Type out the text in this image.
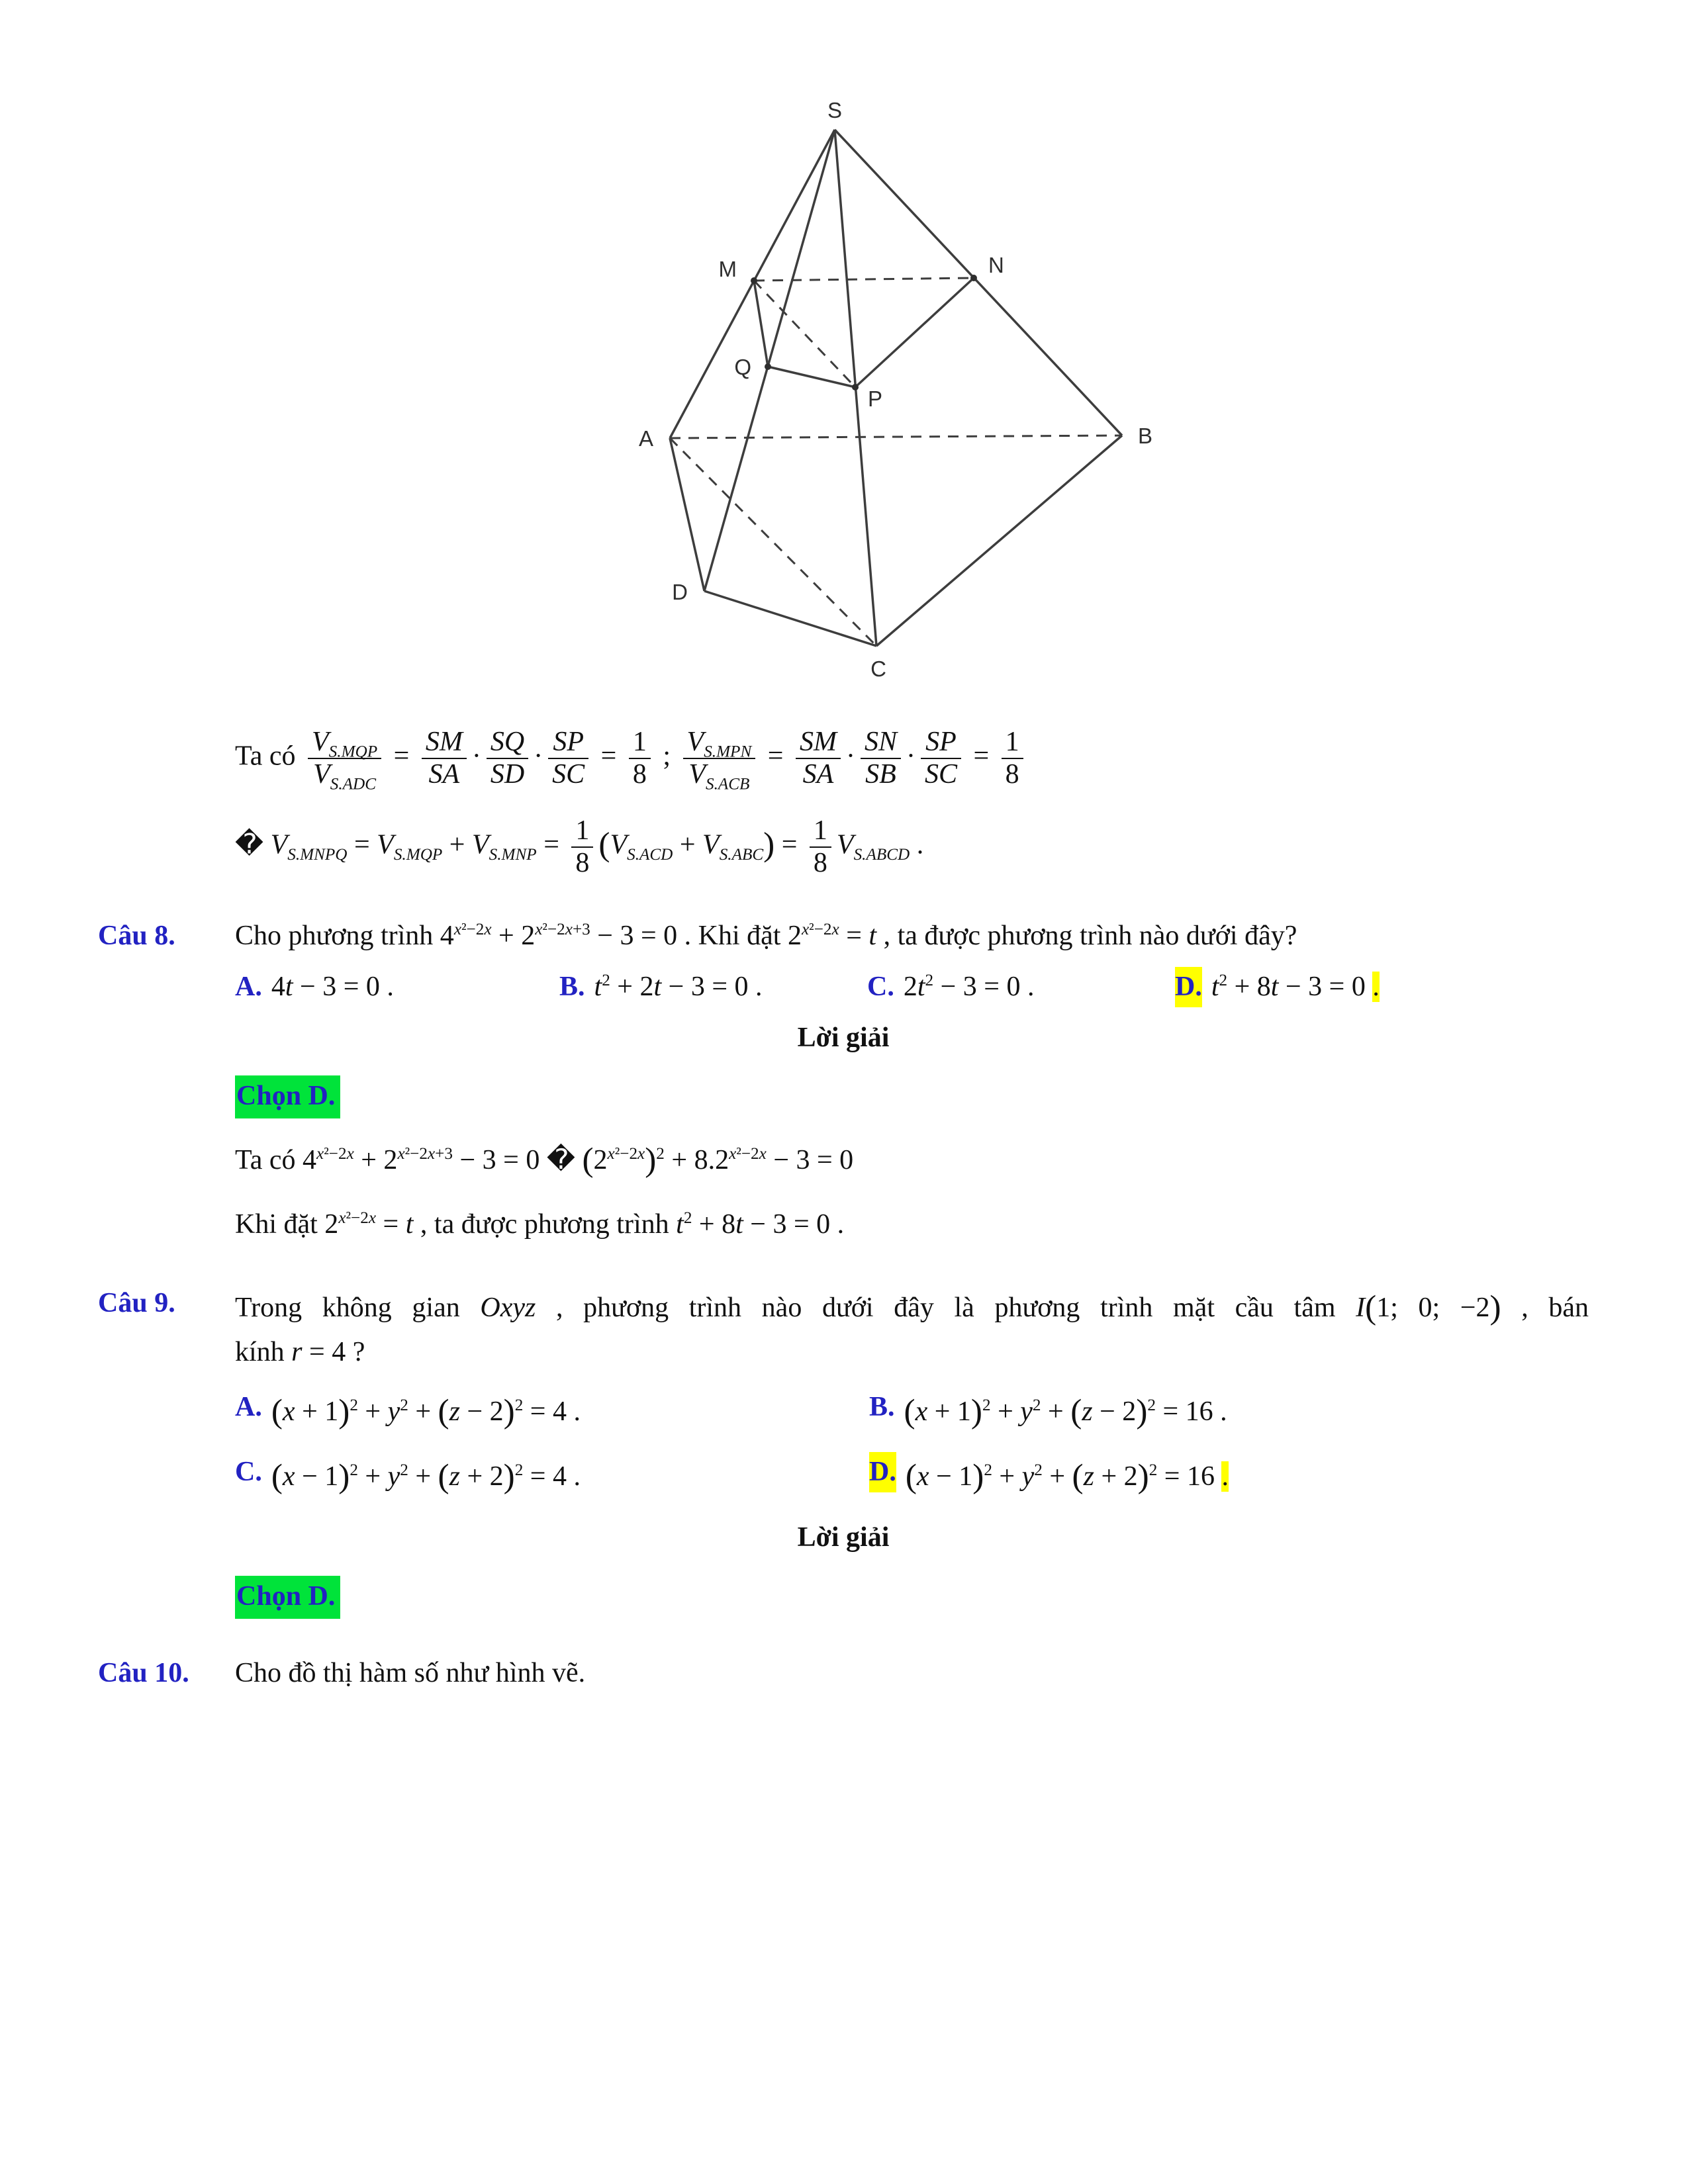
S
M	N
Q
P
A	B
D
C
Ta có $V_{S.MQP}$
$V_{S.ADC}$
= $\frac{SM}{SA} \cdot \frac{SQ}{SD} \cdot \frac{SP}{SC} = \frac{1}{8}$ ; $V_{S.MPN}$
$V_{S.ACB}$
= $\frac{SM}{SA} \cdot \frac{SN}{SB} \cdot \frac{SP}{SC} = \frac{1}{8}$
� $V_{S.MNPQ} = V_{S.MQP} + V_{S.MNP} = \frac{1}{8} (V_{S.ACD} + V_{S.ABC}) = \frac{1}{8} V_{S.ABCD}$ .
Câu 8.	Cho phương trình $4^{x^2-2x} + 2^{x^2-2x+3} - 3 = 0$ . Khi đặt $2^{x^2-2x} = t$ , ta được phương trình nào dưới đây?
A. 4t − 3 = 0 .	B. $t^2 + 2t - 3 = 0$ .	C. $2t^2 - 3 = 0$ .	D. $t^2 + 8t - 3 = 0$ .
Lời giải
Chọn D.
Ta có $4^{x^2-2x} + 2^{x^2-2x+3} - 3 = 0$ � $(2^{x^2-2x})^2 + 8.2^{x^2-2x} - 3 = 0$
Khi đặt $2^{x^2-2x} = t$ , ta được phương trình $t^2 + 8t - 3 = 0$ .
Câu 9.	Trong không gian Oxyz , phương trình nào dưới đây là phương trình mặt cầu tâm I(1; 0; −2) , bán
kính r = 4 ?
A. $(x + 1)^2 + y^2 + (z - 2)^2 = 4$ .	B. $(x + 1)^2 + y^2 + (z - 2)^2 = 16$ .
C. $(x - 1)^2 + y^2 + (z + 2)^2 = 4$ .	D. $(x - 1)^2 + y^2 + (z + 2)^2 = 16$ .
Lời giải
Chọn D.
Câu 10.	Cho đồ thị hàm số như hình vẽ.
